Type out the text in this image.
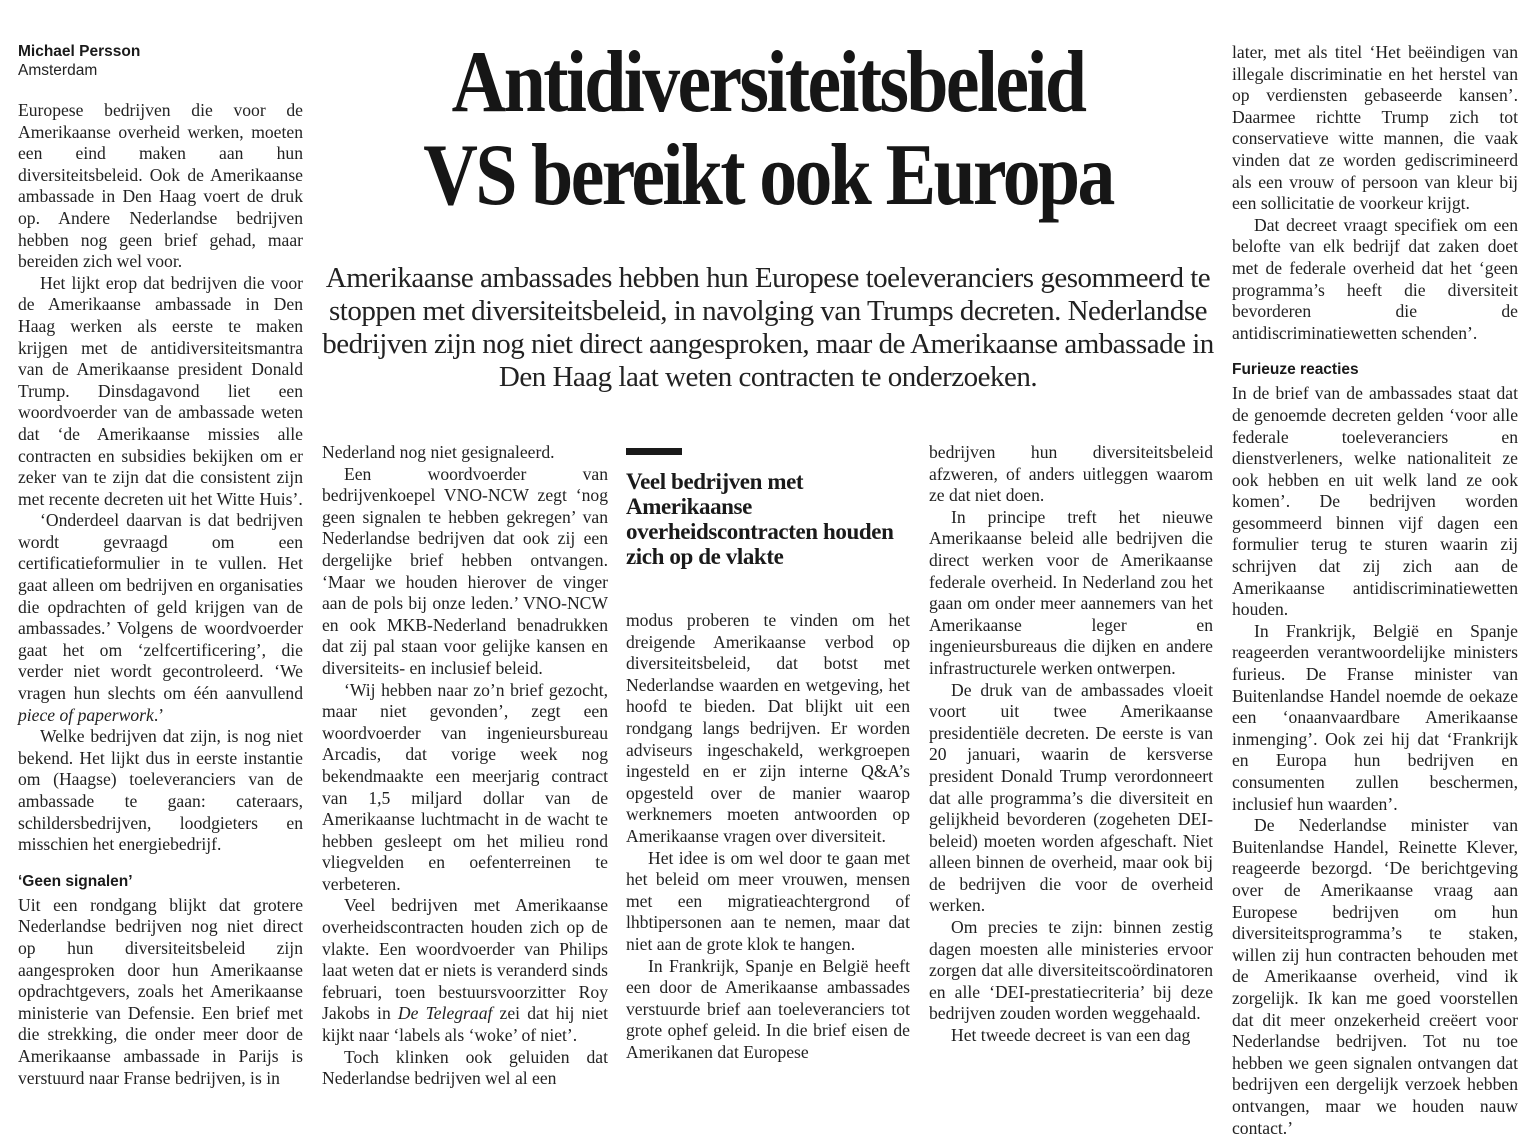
Michael Persson
Amsterdam

Europese bedrijven die voor de Amerikaanse overheid werken, moeten een eind maken aan hun diversiteitsbeleid. Ook de Amerikaanse ambassade in Den Haag voert de druk op. Andere Nederlandse bedrijven hebben nog geen brief gehad, maar bereiden zich wel voor.

Het lijkt erop dat bedrijven die voor de Amerikaanse ambassade in Den Haag werken als eerste te maken krijgen met de antidiversiteitsmantra van de Amerikaanse president Donald Trump. Dinsdagavond liet een woordvoerder van de ambassade weten dat ‘de Amerikaanse missies alle contracten en subsidies bekijken om er zeker van te zijn dat die consistent zijn met recente decreten uit het Witte Huis’.

‘Onderdeel daarvan is dat bedrijven wordt gevraagd om een certificatieformulier in te vullen. Het gaat alleen om bedrijven en organisaties die opdrachten of geld krijgen van de ambassades.’ Volgens de woordvoerder gaat het om ‘zelfcertificering’, die verder niet wordt gecontroleerd. ‘We vragen hun slechts om één aanvullend piece of paperwork.’

Welke bedrijven dat zijn, is nog niet bekend. Het lijkt dus in eerste instantie om (Haagse) toeleveranciers van de ambassade te gaan: cateraars, schildersbedrijven, loodgieters en misschien het energiebedrijf.

‘Geen signalen’

Uit een rondgang blijkt dat grotere Nederlandse bedrijven nog niet direct op hun diversiteitsbeleid zijn aangesproken door hun Amerikaanse opdrachtgevers, zoals het Amerikaanse ministerie van Defensie. Een brief met die strekking, die onder meer door de Amerikaanse ambassade in Parijs is verstuurd naar Franse bedrijven, is in

Antidiversiteitsbeleid
VS bereikt ook Europa
Amerikaanse ambassades hebben hun Europese toeleveranciers gesommeerd te stoppen met diversiteitsbeleid, in navolging van Trumps decreten. Nederlandse bedrijven zijn nog niet direct aangesproken, maar de Amerikaanse ambassade in Den Haag laat weten contracten te onderzoeken.

Nederland nog niet gesignaleerd.

Een woordvoerder van bedrijvenkoepel VNO-NCW zegt ‘nog geen signalen te hebben gekregen’ van Nederlandse bedrijven dat ook zij een dergelijke brief hebben ontvangen. ‘Maar we houden hierover de vinger aan de pols bij onze leden.’ VNO-NCW en ook MKB-Nederland benadrukken dat zij pal staan voor gelijke kansen en diversiteits- en inclusief beleid.

‘Wij hebben naar zo’n brief gezocht, maar niet gevonden’, zegt een woordvoerder van ingenieursbureau Arcadis, dat vorige week nog bekendmaakte een meerjarig contract van 1,5 miljard dollar van de Amerikaanse luchtmacht in de wacht te hebben gesleept om het milieu rond vliegvelden en oefenterreinen te verbeteren.

Veel bedrijven met Amerikaanse overheidscontracten houden zich op de vlakte. Een woordvoerder van Philips laat weten dat er niets is veranderd sinds februari, toen bestuursvoorzitter Roy Jakobs in De Telegraaf zei dat hij niet kijkt naar ‘labels als ‘woke’ of niet’.

Toch klinken ook geluiden dat Nederlandse bedrijven wel al een

Veel bedrijven met Amerikaanse overheidscontracten houden zich op de vlakte

modus proberen te vinden om het dreigende Amerikaanse verbod op diversiteitsbeleid, dat botst met Nederlandse waarden en wetgeving, het hoofd te bieden. Dat blijkt uit een rondgang langs bedrijven. Er worden adviseurs ingeschakeld, werkgroepen ingesteld en er zijn interne Q&A’s opgesteld over de manier waarop werknemers moeten antwoorden op Amerikaanse vragen over diversiteit.

Het idee is om wel door te gaan met het beleid om meer vrouwen, mensen met een migratieachtergrond of lhbtipersonen aan te nemen, maar dat niet aan de grote klok te hangen.

In Frankrijk, Spanje en België heeft een door de Amerikaanse ambassades verstuurde brief aan toeleveranciers tot grote ophef geleid. In die brief eisen de Amerikanen dat Europese

bedrijven hun diversiteitsbeleid afzweren, of anders uitleggen waarom ze dat niet doen.

In principe treft het nieuwe Amerikaanse beleid alle bedrijven die direct werken voor de Amerikaanse federale overheid. In Nederland zou het gaan om onder meer aannemers van het Amerikaanse leger en ingenieursbureaus die dijken en andere infrastructurele werken ontwerpen.

De druk van de ambassades vloeit voort uit twee Amerikaanse presidentiële decreten. De eerste is van 20 januari, waarin de kersverse president Donald Trump verordonneert dat alle programma’s die diversiteit en gelijkheid bevorderen (zogeheten DEI-beleid) moeten worden afgeschaft. Niet alleen binnen de overheid, maar ook bij de bedrijven die voor de overheid werken.

Om precies te zijn: binnen zestig dagen moesten alle ministeries ervoor zorgen dat alle diversiteitscoördinatoren en alle ‘DEI-prestatiecriteria’ bij deze bedrijven zouden worden weggehaald.

Het tweede decreet is van een dag

later, met als titel ‘Het beëindigen van illegale discriminatie en het herstel van op verdiensten gebaseerde kansen’. Daarmee richtte Trump zich tot conservatieve witte mannen, die vaak vinden dat ze worden gediscrimineerd als een vrouw of persoon van kleur bij een sollicitatie de voorkeur krijgt.

Dat decreet vraagt specifiek om een belofte van elk bedrijf dat zaken doet met de federale overheid dat het ‘geen programma’s heeft die diversiteit bevorderen die de antidiscriminatiewetten schenden’.

Furieuze reacties

In de brief van de ambassades staat dat de genoemde decreten gelden ‘voor alle federale toeleveranciers en dienstverleners, welke nationaliteit ze ook hebben en uit welk land ze ook komen’. De bedrijven worden gesommeerd binnen vijf dagen een formulier terug te sturen waarin zij schrijven dat zij zich aan de Amerikaanse antidiscriminatiewetten houden.

In Frankrijk, België en Spanje reageerden verantwoordelijke ministers furieus. De Franse minister van Buitenlandse Handel noemde de oekaze een ‘onaanvaardbare Amerikaanse inmenging’. Ook zei hij dat ‘Frankrijk en Europa hun bedrijven en consumenten zullen beschermen, inclusief hun waarden’.

De Nederlandse minister van Buitenlandse Handel, Reinette Klever, reageerde bezorgd. ‘De berichtgeving over de Amerikaanse vraag aan Europese bedrijven om hun diversiteitsprogramma’s te staken, willen zij hun contracten behouden met de Amerikaanse overheid, vind ik zorgelijk. Ik kan me goed voorstellen dat dit meer onzekerheid creëert voor Nederlandse bedrijven. Tot nu toe hebben we geen signalen ontvangen dat bedrijven een dergelijk verzoek hebben ontvangen, maar we houden nauw contact.’
